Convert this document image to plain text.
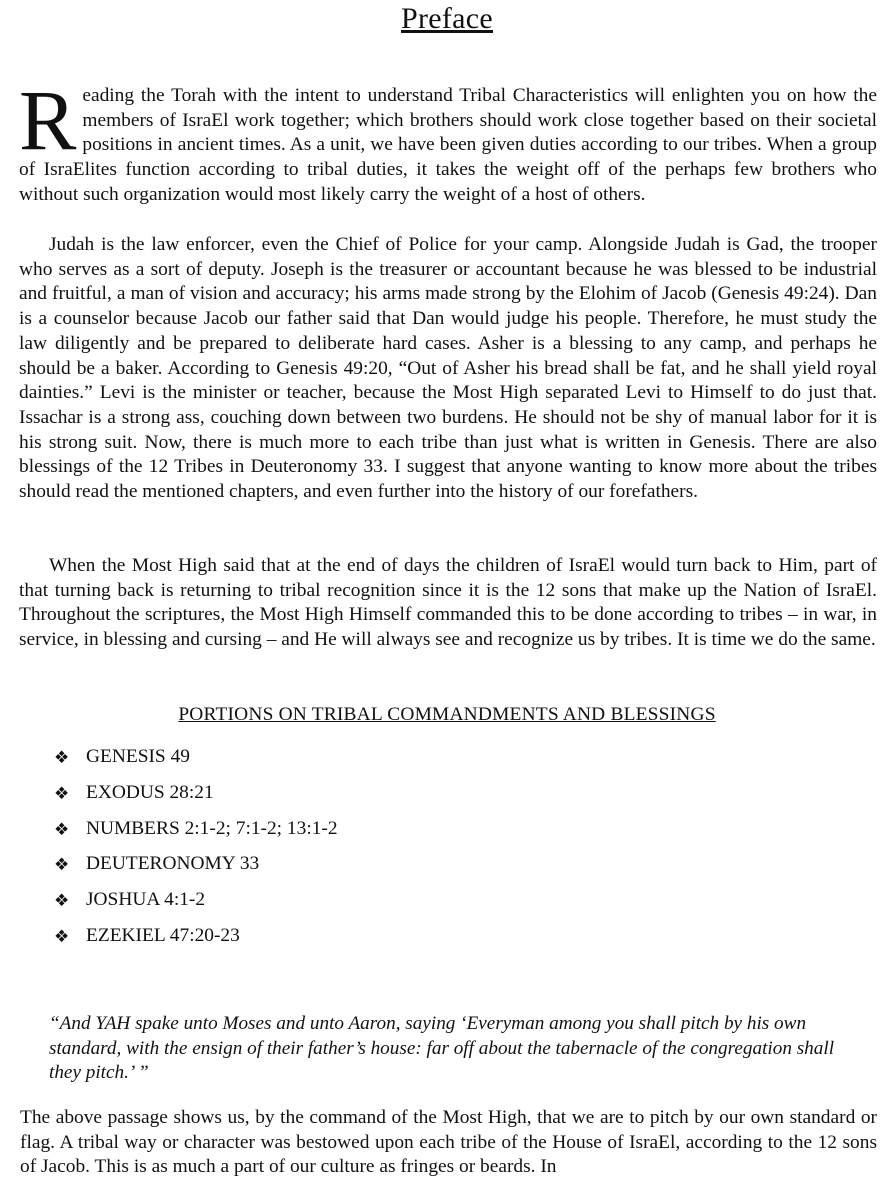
Preface

Reading the Torah with the intent to understand Tribal Characteristics will enlighten you on how the members of IsraEl work together; which brothers should work close together based on their societal positions in ancient times. As a unit, we have been given duties according to our tribes. When a group of IsraElites function according to tribal duties, it takes the weight off of the perhaps few brothers who without such organization would most likely carry the weight of a host of others.

Judah is the law enforcer, even the Chief of Police for your camp. Alongside Judah is Gad, the trooper who serves as a sort of deputy. Joseph is the treasurer or accountant because he was blessed to be industrial and fruitful, a man of vision and accuracy; his arms made strong by the Elohim of Jacob (Genesis 49:24). Dan is a counselor because Jacob our father said that Dan would judge his people. Therefore, he must study the law diligently and be prepared to deliberate hard cases. Asher is a blessing to any camp, and perhaps he should be a baker. According to Genesis 49:20, “Out of Asher his bread shall be fat, and he shall yield royal dainties.” Levi is the minister or teacher, because the Most High separated Levi to Himself to do just that. Issachar is a strong ass, couching down between two burdens. He should not be shy of manual labor for it is his strong suit. Now, there is much more to each tribe than just what is written in Genesis. There are also blessings of the 12 Tribes in Deuteronomy 33. I suggest that anyone wanting to know more about the tribes should read the mentioned chapters, and even further into the history of our forefathers.

When the Most High said that at the end of days the children of IsraEl would turn back to Him, part of that turning back is returning to tribal recognition since it is the 12 sons that make up the Nation of IsraEl. Throughout the scriptures, the Most High Himself commanded this to be done according to tribes – in war, in service, in blessing and cursing – and He will always see and recognize us by tribes. It is time we do the same.

PORTIONS ON TRIBAL COMMANDMENTS AND BLESSINGS
❖ GENESIS 49
❖ EXODUS 28:21
❖ NUMBERS 2:1-2; 7:1-2; 13:1-2
❖ DEUTERONOMY 33
❖ JOSHUA 4:1-2
❖ EZEKIEL 47:20-23

“And YAH spake unto Moses and unto Aaron, saying ‘Everyman among you shall pitch by his own standard, with the ensign of their father’s house: far off about the tabernacle of the congregation shall they pitch.’ ”

The above passage shows us, by the command of the Most High, that we are to pitch by our own standard or flag. A tribal way or character was bestowed upon each tribe of the House of IsraEl, according to the 12 sons of Jacob. This is as much a part of our culture as fringes or beards. In
